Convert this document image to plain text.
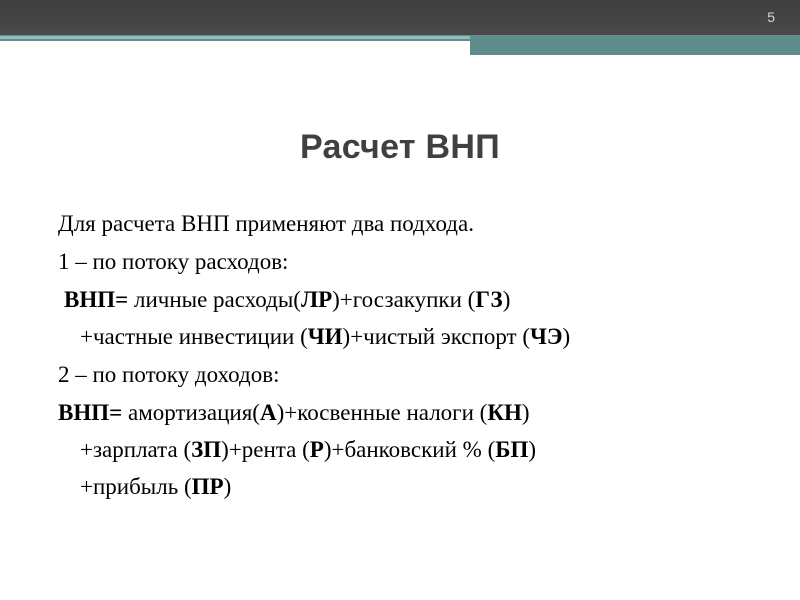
5
Расчет ВНП

Для расчета ВНП применяют два подхода.

1 – по потоку расходов:

ВНП= личные расходы(ЛР)+госзакупки (ГЗ)

+частные инвестиции (ЧИ)+чистый экспорт (ЧЭ)

2 – по потоку доходов:

ВНП= амортизация(А)+косвенные налоги (КН)

+зарплата (ЗП)+рента (Р)+банковский % (БП)

+прибыль (ПР)
